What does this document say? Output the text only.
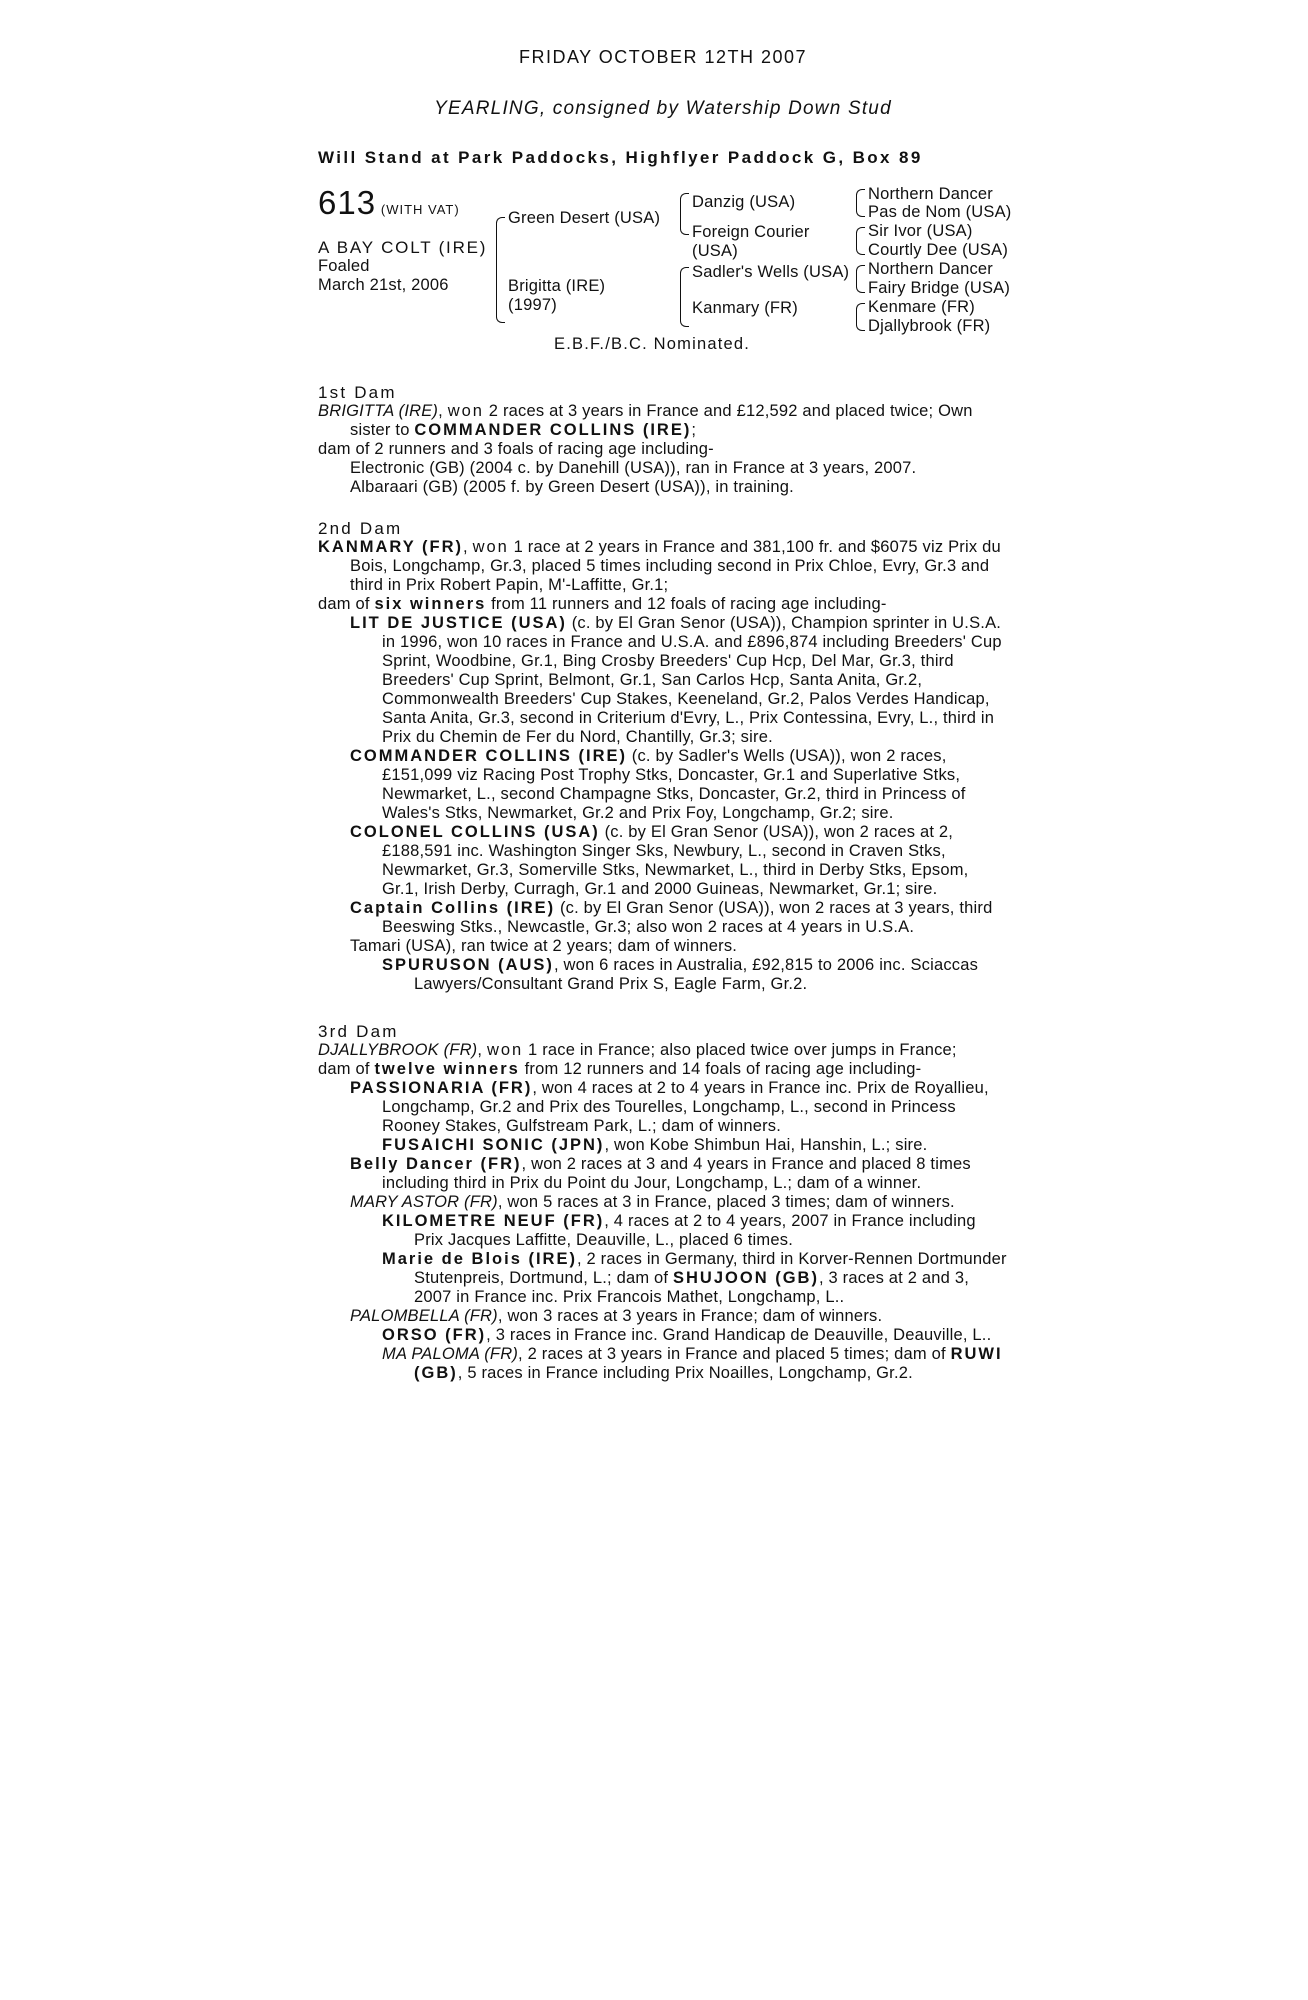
FRIDAY OCTOBER 12TH 2007
YEARLING, consigned by Watership Down Stud
Will Stand at Park Paddocks, Highflyer Paddock G, Box 89
613 (WITH VAT)
A BAY COLT (IRE)
Foaled
March 21st, 2006
Green Desert (USA)
Brigitta (IRE)
(1997)
Danzig (USA)
Foreign Courier
(USA)
Sadler's Wells (USA)
Kanmary (FR)
Northern Dancer
Pas de Nom (USA)
Sir Ivor (USA)
Courtly Dee (USA)
Northern Dancer
Fairy Bridge (USA)
Kenmare (FR)
Djallybrook (FR)
E.B.F./B.C. Nominated.
1st Dam

BRIGITTA (IRE), won 2 races at 3 years in France and £12,592 and placed twice; Own sister to COMMANDER COLLINS (IRE);

dam of 2 runners and 3 foals of racing age including-

Electronic (GB) (2004 c. by Danehill (USA)), ran in France at 3 years, 2007.

Albaraari (GB) (2005 f. by Green Desert (USA)), in training.

2nd Dam

KANMARY (FR), won 1 race at 2 years in France and 381,100 fr. and $6075 viz Prix du Bois, Longchamp, Gr.3, placed 5 times including second in Prix Chloe, Evry, Gr.3 and third in Prix Robert Papin, M'-Laffitte, Gr.1;

dam of six winners from 11 runners and 12 foals of racing age including-

LIT DE JUSTICE (USA) (c. by El Gran Senor (USA)), Champion sprinter in U.S.A. in 1996, won 10 races in France and U.S.A. and £896,874 including Breeders' Cup Sprint, Woodbine, Gr.1, Bing Crosby Breeders' Cup Hcp, Del Mar, Gr.3, third Breeders' Cup Sprint, Belmont, Gr.1, San Carlos Hcp, Santa Anita, Gr.2, Commonwealth Breeders' Cup Stakes, Keeneland, Gr.2, Palos Verdes Handicap, Santa Anita, Gr.3, second in Criterium d'Evry, L., Prix Contessina, Evry, L., third in Prix du Chemin de Fer du Nord, Chantilly, Gr.3; sire.

COMMANDER COLLINS (IRE) (c. by Sadler's Wells (USA)), won 2 races, £151,099 viz Racing Post Trophy Stks, Doncaster, Gr.1 and Superlative Stks, Newmarket, L., second Champagne Stks, Doncaster, Gr.2, third in Princess of Wales's Stks, Newmarket, Gr.2 and Prix Foy, Longchamp, Gr.2; sire.

COLONEL COLLINS (USA) (c. by El Gran Senor (USA)), won 2 races at 2, £188,591 inc. Washington Singer Sks, Newbury, L., second in Craven Stks, Newmarket, Gr.3, Somerville Stks, Newmarket, L., third in Derby Stks, Epsom, Gr.1, Irish Derby, Curragh, Gr.1 and 2000 Guineas, Newmarket, Gr.1; sire.

Captain Collins (IRE) (c. by El Gran Senor (USA)), won 2 races at 3 years, third Beeswing Stks., Newcastle, Gr.3; also won 2 races at 4 years in U.S.A.

Tamari (USA), ran twice at 2 years; dam of winners.

SPURUSON (AUS), won 6 races in Australia, £92,815 to 2006 inc. Sciaccas Lawyers/Consultant Grand Prix S, Eagle Farm, Gr.2.

3rd Dam

DJALLYBROOK (FR), won 1 race in France; also placed twice over jumps in France;

dam of twelve winners from 12 runners and 14 foals of racing age including-

PASSIONARIA (FR), won 4 races at 2 to 4 years in France inc. Prix de Royallieu, Longchamp, Gr.2 and Prix des Tourelles, Longchamp, L., second in Princess Rooney Stakes, Gulfstream Park, L.; dam of winners.

FUSAICHI SONIC (JPN), won Kobe Shimbun Hai, Hanshin, L.; sire.

Belly Dancer (FR), won 2 races at 3 and 4 years in France and placed 8 times including third in Prix du Point du Jour, Longchamp, L.; dam of a winner.

MARY ASTOR (FR), won 5 races at 3 in France, placed 3 times; dam of winners.

KILOMETRE NEUF (FR), 4 races at 2 to 4 years, 2007 in France including Prix Jacques Laffitte, Deauville, L., placed 6 times.

Marie de Blois (IRE), 2 races in Germany, third in Korver-Rennen Dortmunder Stutenpreis, Dortmund, L.; dam of SHUJOON (GB), 3 races at 2 and 3, 2007 in France inc. Prix Francois Mathet, Longchamp, L..

PALOMBELLA (FR), won 3 races at 3 years in France; dam of winners.

ORSO (FR), 3 races in France inc. Grand Handicap de Deauville, Deauville, L..

MA PALOMA (FR), 2 races at 3 years in France and placed 5 times; dam of RUWI (GB), 5 races in France including Prix Noailles, Longchamp, Gr.2.
